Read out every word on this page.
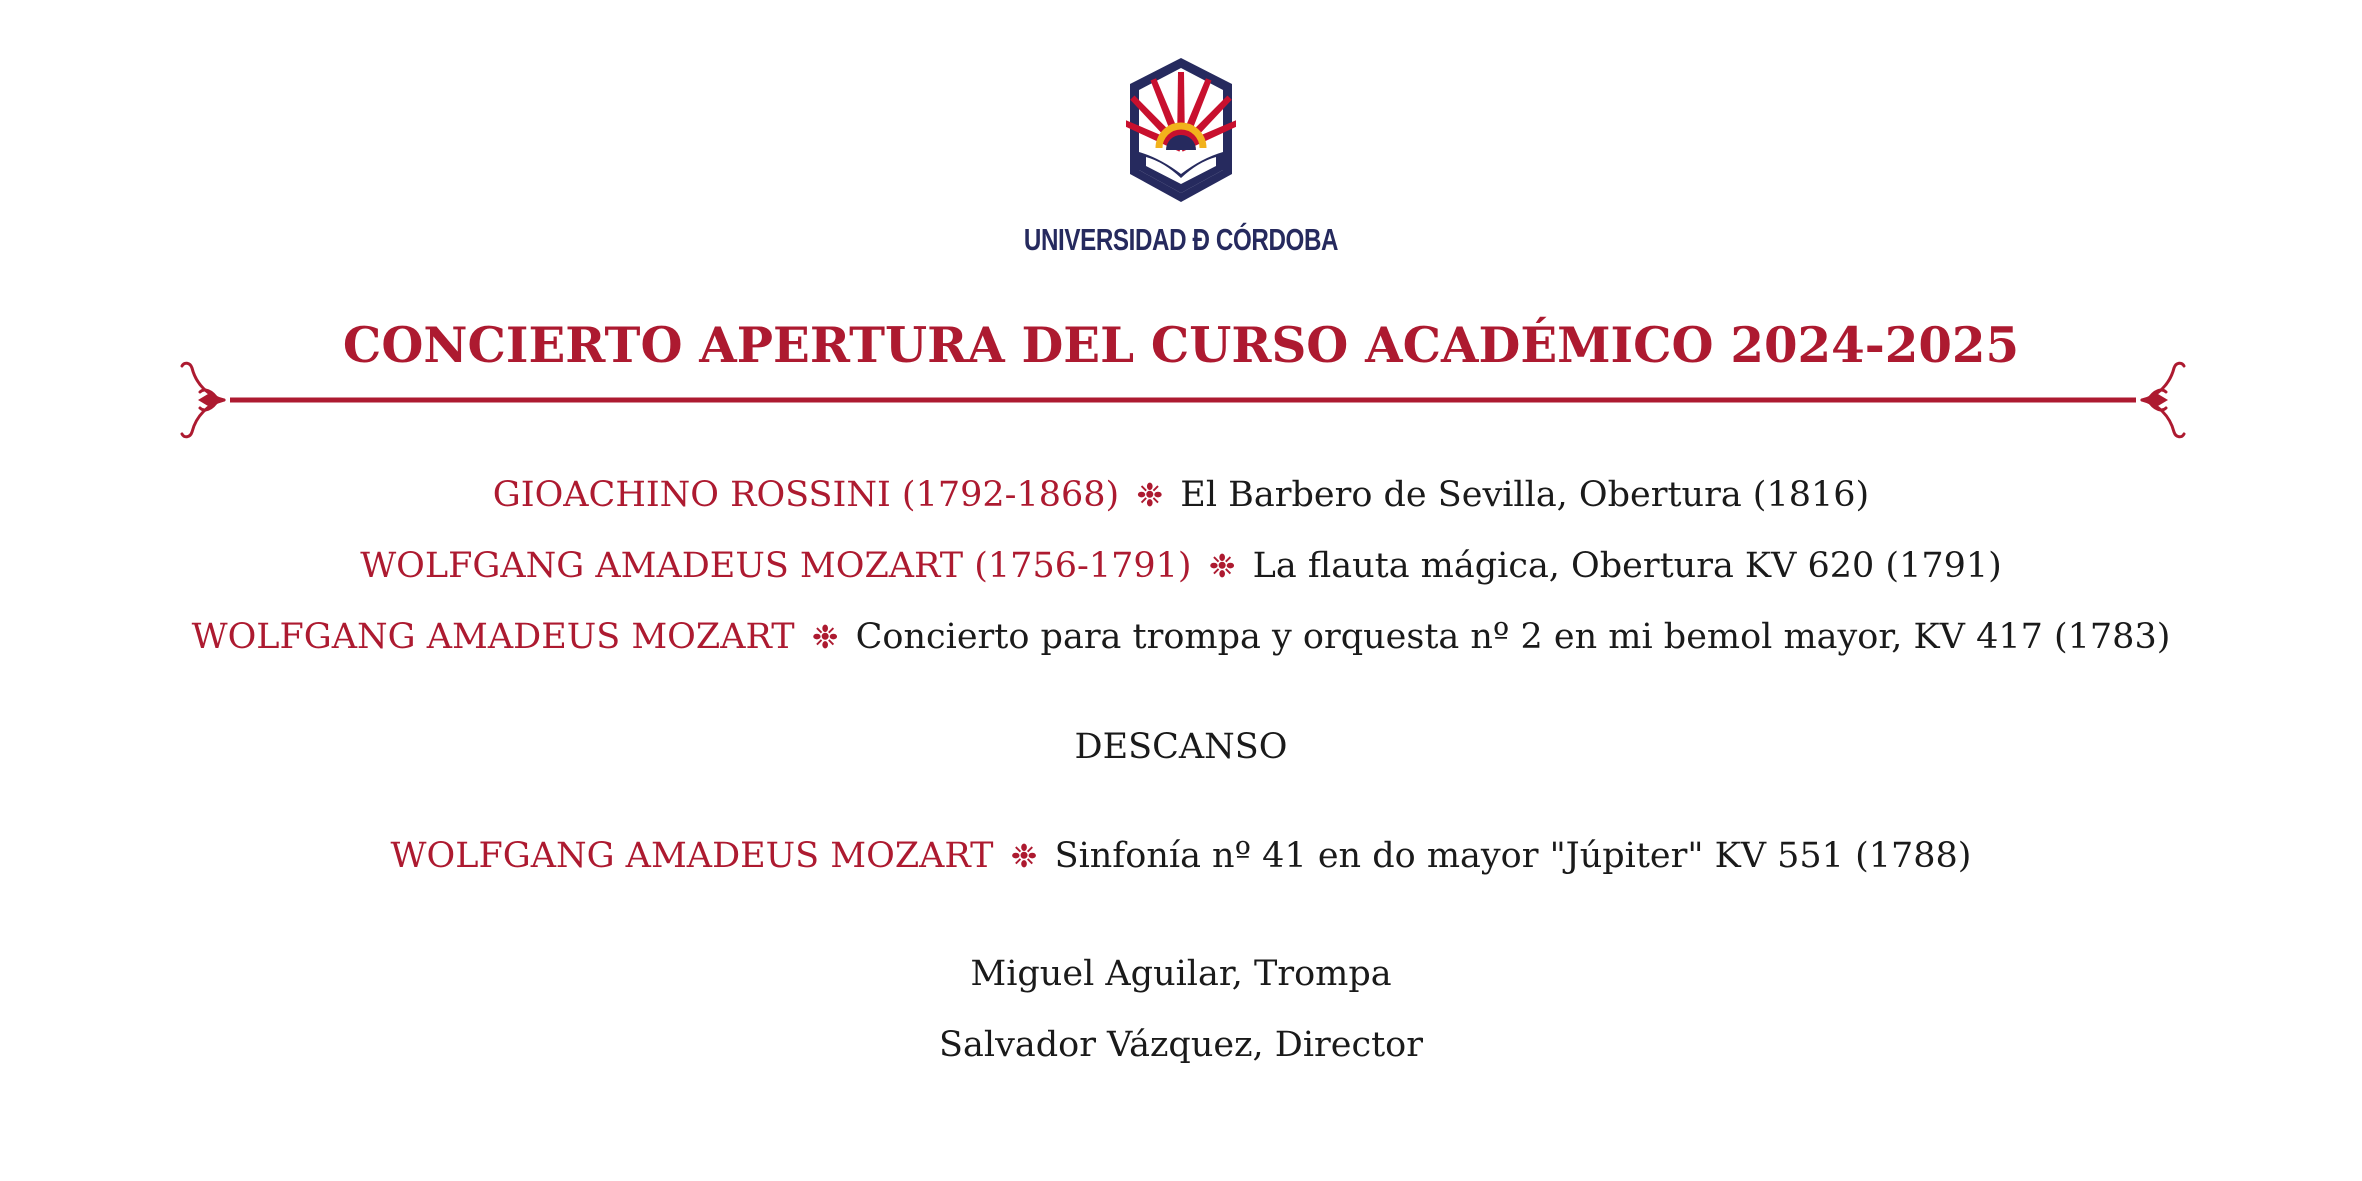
UNIVERSIDAD Ð CÓRDOBA
CONCIERTO APERTURA DEL CURSO ACADÉMICO 2024-2025
GIOACHINO ROSSINI (1792-1868) ❉ El Barbero de Sevilla, Obertura (1816)
WOLFGANG AMADEUS MOZART (1756-1791) ❉ La flauta mágica, Obertura KV 620 (1791)
WOLFGANG AMADEUS MOZART ❉ Concierto para trompa y orquesta nº 2 en mi bemol mayor, KV 417 (1783)
DESCANSO
WOLFGANG AMADEUS MOZART ❉ Sinfonía nº 41 en do mayor "Júpiter" KV 551 (1788)
Miguel Aguilar, Trompa
Salvador Vázquez, Director
